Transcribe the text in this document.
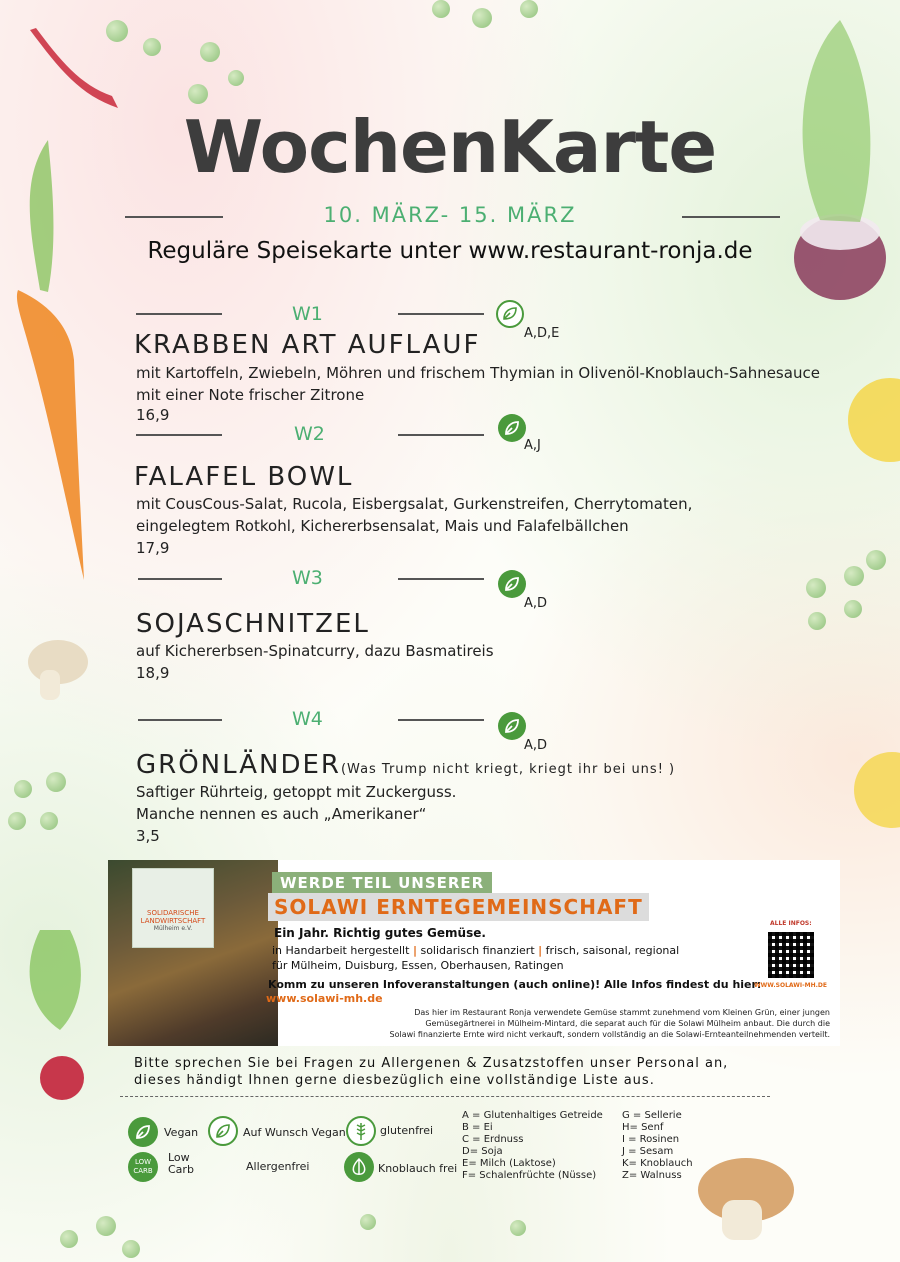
WochenKarte
10. MÄRZ- 15. MÄRZ
Reguläre Speisekarte unter www.restaurant-ronja.de
W1
A,D,E
KRABBEN ART AUFLAUF
mit Kartoffeln, Zwiebeln, Möhren und frischem Thymian in Olivenöl-Knoblauch-Sahnesauce
mit einer Note frischer Zitrone
16,9
W2
A,J
FALAFEL BOWL
mit CousCous-Salat, Rucola, Eisbergsalat, Gurkenstreifen, Cherrytomaten,
eingelegtem Rotkohl, Kichererbsensalat, Mais und Falafelbällchen
17,9
W3
A,D
SOJASCHNITZEL
auf Kichererbsen-Spinatcurry, dazu Basmatireis
18,9
W4
A,D
GRÖNLÄNDER(Was Trump nicht kriegt, kriegt ihr bei uns! )
Saftiger Rührteig, getoppt mit Zuckerguss.
Manche nennen es auch „Amerikaner“
3,5
SOLIDARISCHE
LANDWIRTSCHAFT
Mülheim e.V.
WERDE TEIL UNSERER
SOLAWI ERNTEGEMEINSCHAFT
Ein Jahr. Richtig gutes Gemüse.
in Handarbeit hergestellt | solidarisch finanziert | frisch, saisonal, regional
für Mülheim, Duisburg, Essen, Oberhausen, Ratingen
Komm zu unseren Infoveranstaltungen (auch online)! Alle Infos findest du hier:
www.solawi-mh.de
Das hier im Restaurant Ronja verwendete Gemüse stammt zunehmend vom Kleinen Grün, einer jungen
Gemüsegärtnerei in Mülheim-Mintard, die separat auch für die Solawi Mülheim anbaut. Die durch die
Solawi finanzierte Ernte wird nicht verkauft, sondern vollständig an die Solawi-Ernteanteilnehmenden verteilt.
ALLE INFOS:
WWW.SOLAWI-MH.DE
Bitte sprechen Sie bei Fragen zu Allergenen & Zusatzstoffen unser Personal an,
dieses händigt Ihnen gerne diesbezüglich eine vollständige Liste aus.
Vegan	Auf Wunsch Vegan	glutenfrei
LOW CARB
Low
Carb	Allergenfrei	Knoblauch frei
A = Glutenhaltiges Getreide
B = Ei
C = Erdnuss
D= Soja
E= Milch (Laktose)
F= Schalenfrüchte (Nüsse)
G = Sellerie
H= Senf
I = Rosinen
J = Sesam
K= Knoblauch
Z= Walnuss
